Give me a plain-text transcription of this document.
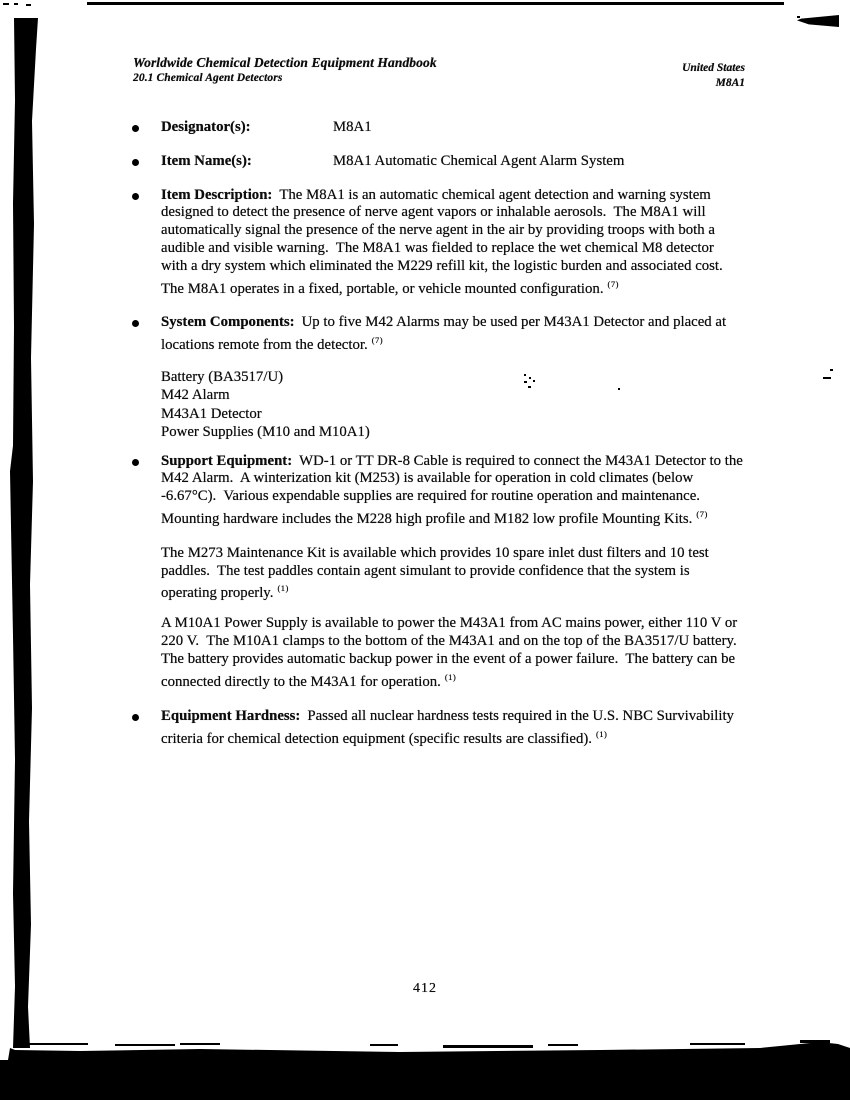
Worldwide Chemical Detection Equipment Handbook
20.1 Chemical Agent Detectors
United States
M8A1
Designator(s):	M8A1
Item Name(s):	M8A1 Automatic Chemical Agent Alarm System
Item Description: The M8A1 is an automatic chemical agent detection and warning system designed to detect the presence of nerve agent vapors or inhalable aerosols.  The M8A1 will automatically signal the presence of the nerve agent in the air by providing troops with both a audible and visible warning.  The M8A1 was fielded to replace the wet chemical M8 detector with a dry system which eliminated the M229 refill kit, the logistic burden and associated cost.  The M8A1 operates in a fixed, portable, or vehicle mounted configuration. $^{(7)}$
System Components: Up to five M42 Alarms may be used per M43A1 Detector and placed at locations remote from the detector. $^{(7)}$
Battery (BA3517/U)
M42 Alarm
M43A1 Detector
Power Supplies (M10 and M10A1)
Support Equipment: WD-1 or TT DR-8 Cable is required to connect the M43A1 Detector to the M42 Alarm.  A winterization kit (M253) is available for operation in cold climates (below -6.67°C).  Various expendable supplies are required for routine operation and maintenance.  Mounting hardware includes the M228 high profile and M182 low profile Mounting Kits. $^{(7)}$
The M273 Maintenance Kit is available which provides 10 spare inlet dust filters and 10 test paddles.  The test paddles contain agent simulant to provide confidence that the system is operating properly. $^{(1)}$
A M10A1 Power Supply is available to power the M43A1 from AC mains power, either 110 V or 220 V.  The M10A1 clamps to the bottom of the M43A1 and on the top of the BA3517/U battery.  The battery provides automatic backup power in the event of a power failure.  The battery can be connected directly to the M43A1 for operation. $^{(1)}$
Equipment Hardness: Passed all nuclear hardness tests required in the U.S. NBC Survivability criteria for chemical detection equipment (specific results are classified). $^{(1)}$
412
